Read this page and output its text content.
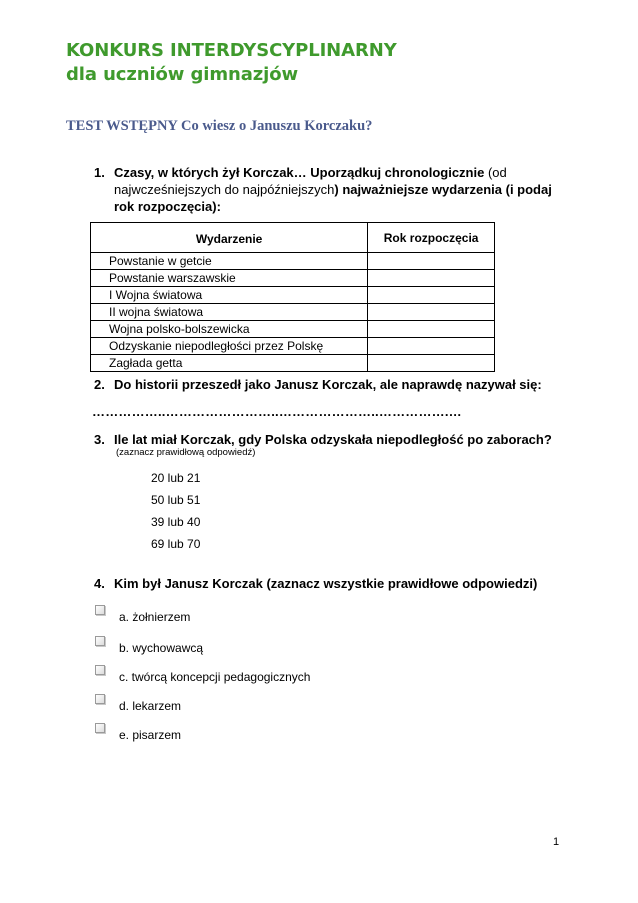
KONKURS INTERDYSCYPLINARNY
dla uczniów gimnazjów
TEST WSTĘPNY Co wiesz o Januszu Korczaku?
1. Czasy, w których żył Korczak… Uporządkuj chronologicznie (od najwcześniejszych do najpóźniejszych) najważniejsze wydarzenia (i podaj rok rozpoczęcia):
Wydarzenie	Rok rozpoczęcia
Powstanie w getcie	
Powstanie warszawskie	
I Wojna światowa	
II wojna światowa	
Wojna polsko-bolszewicka	
Odzyskanie niepodległości przez Polskę	
Zagłada getta	
2. Do historii przeszedł jako Janusz Korczak, ale naprawdę nazywał się:
……………..……………………..…………………..…………….…
3. Ile lat miał Korczak, gdy Polska odzyskała niepodległość po zaborach?
(zaznacz prawidłową odpowiedź)
20 lub 21
50 lub 51
39 lub 40
69 lub 70
4. Kim był Janusz Korczak (zaznacz wszystkie prawidłowe odpowiedzi)
a. żołnierzem
b. wychowawcą
c. twórcą koncepcji pedagogicznych
d. lekarzem
e. pisarzem
1
